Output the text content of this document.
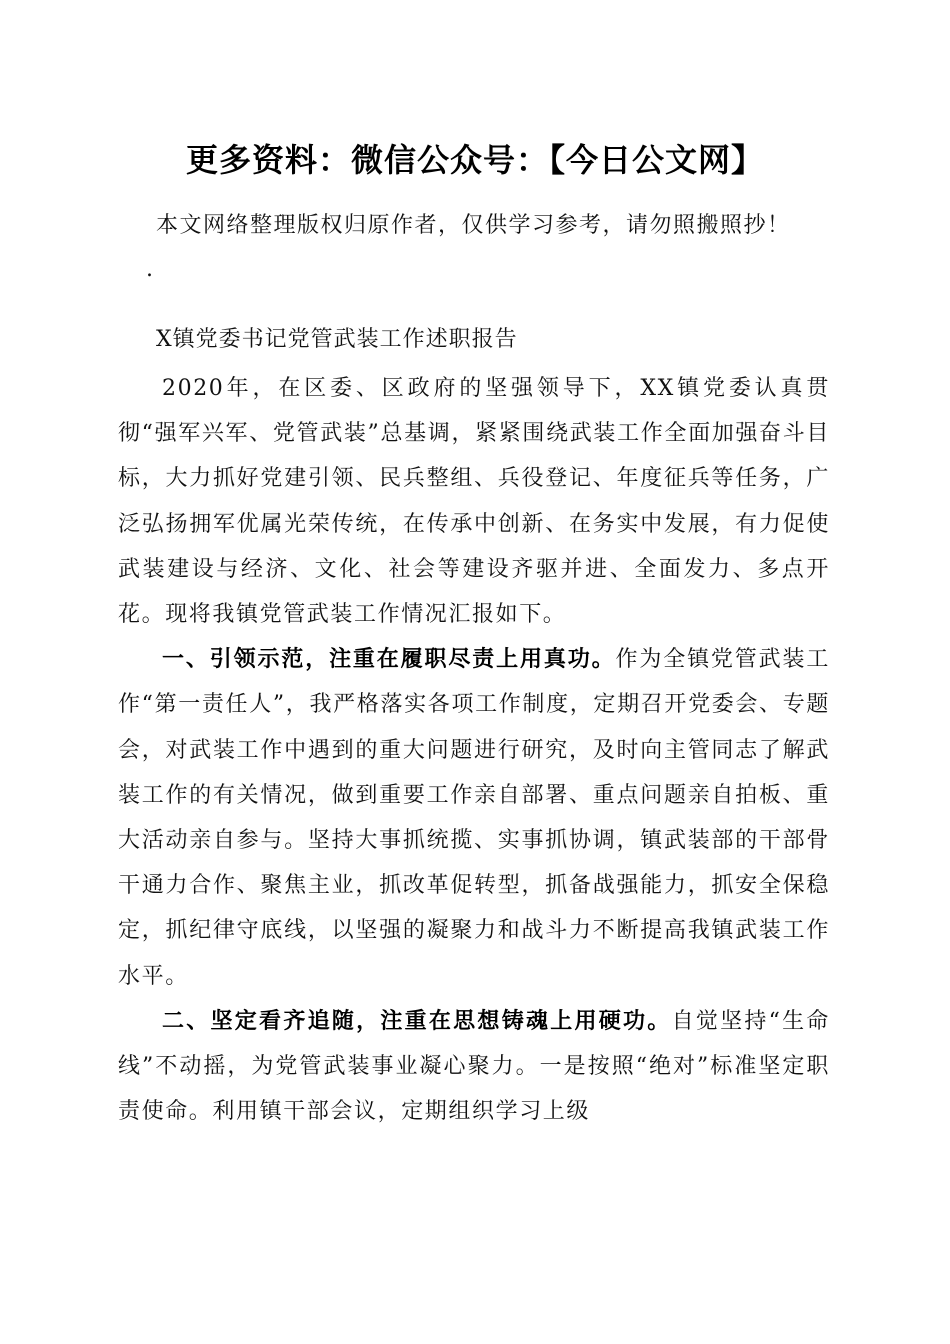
更多资料：微信公众号：【今日公文网】
本文网络整理版权归原作者，仅供学习参考，请勿照搬照抄！
.
X镇党委书记党管武装工作述职报告

2020年，在区委、区政府的坚强领导下，XX镇党委认真贯彻“强军兴军、党管武装”总基调，紧紧围绕武装工作全面加强奋斗目标，大力抓好党建引领、民兵整组、兵役登记、年度征兵等任务，广泛弘扬拥军优属光荣传统，在传承中创新、在务实中发展，有力促使武装建设与经济、文化、社会等建设齐驱并进、全面发力、多点开花。现将我镇党管武装工作情况汇报如下。

一、引领示范，注重在履职尽责上用真功。作为全镇党管武装工作“第一责任人”，我严格落实各项工作制度，定期召开党委会、专题会，对武装工作中遇到的重大问题进行研究，及时向主管同志了解武装工作的有关情况，做到重要工作亲自部署、重点问题亲自拍板、重大活动亲自参与。坚持大事抓统揽、实事抓协调，镇武装部的干部骨干通力合作、聚焦主业，抓改革促转型，抓备战强能力，抓安全保稳定，抓纪律守底线，以坚强的凝聚力和战斗力不断提高我镇武装工作水平。

二、坚定看齐追随，注重在思想铸魂上用硬功。自觉坚持“生命线”不动摇，为党管武装事业凝心聚力。一是按照“绝对”标准坚定职责使命。利用镇干部会议，定期组织学习上级
